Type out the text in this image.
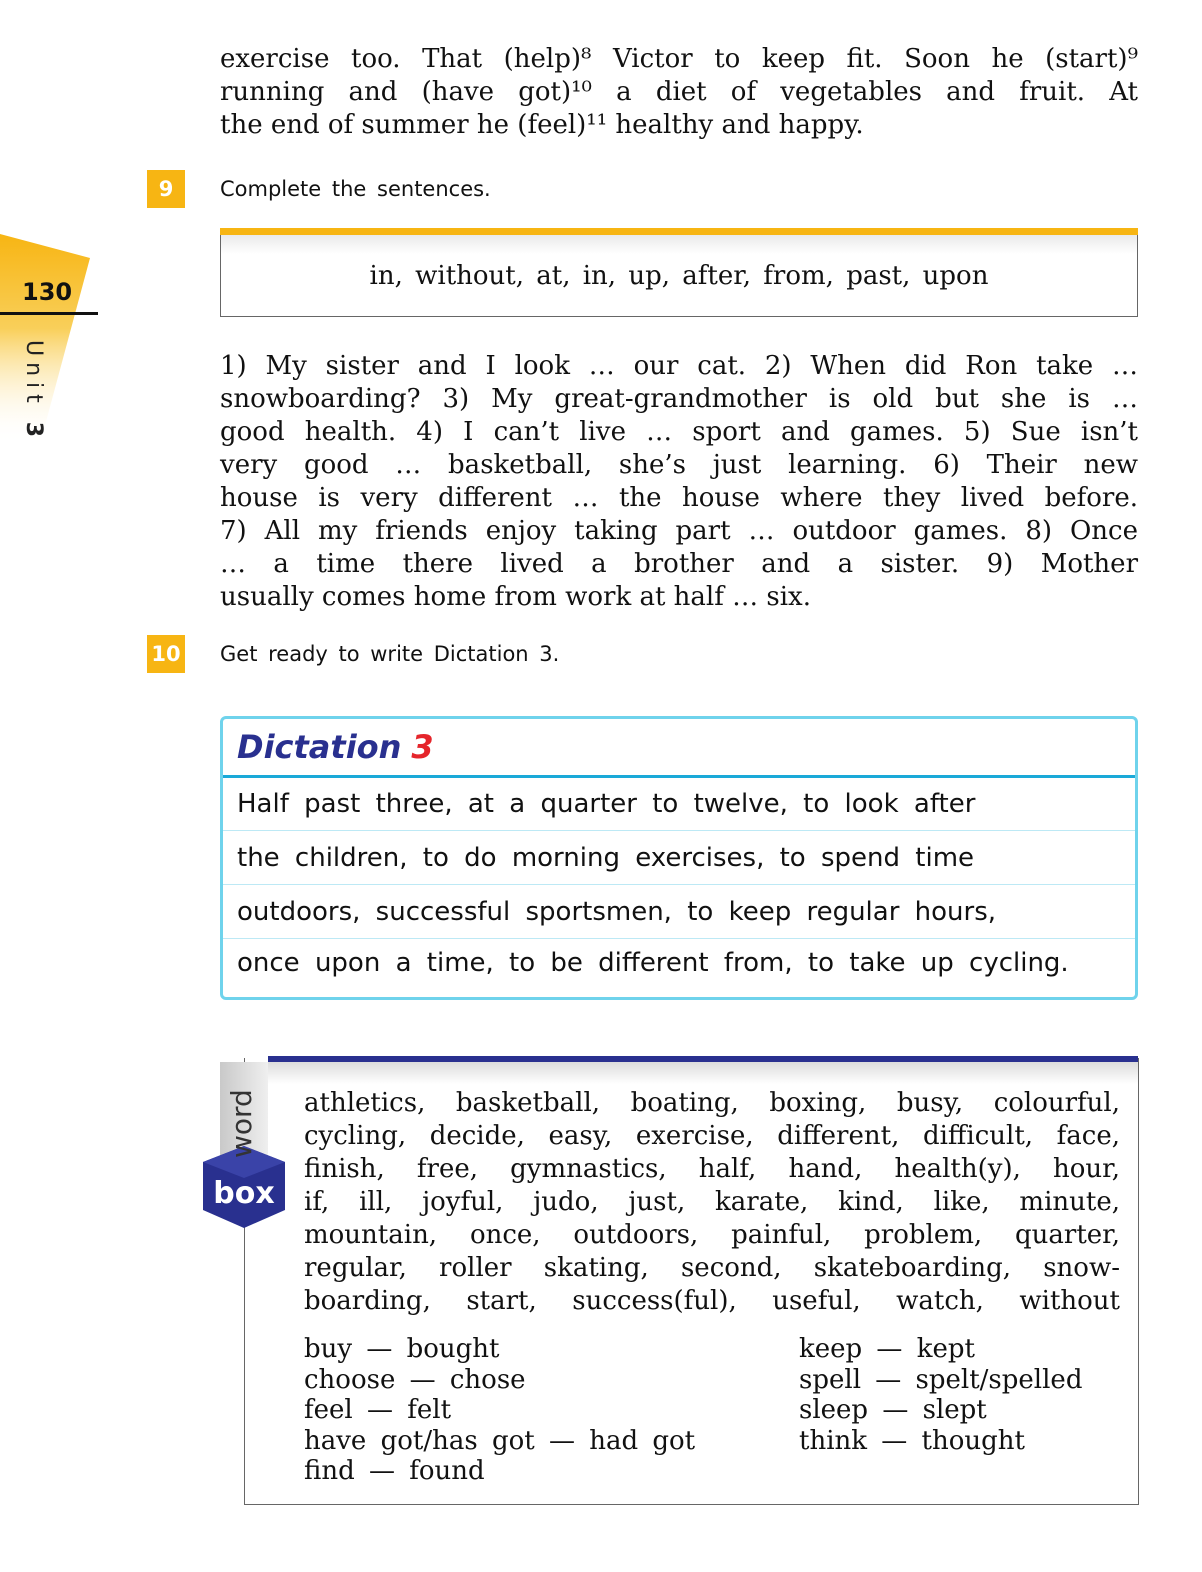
exercise too. That (help)⁸ Victor to keep fit. Soon he (start)⁹
running and (have got)¹⁰ a diet of vegetables and fruit. At
the end of summer he (feel)¹¹ healthy and happy.
130
Unit 3
9	Complete the sentences.
in, without, at, in, up, after, from, past, upon
1) My sister and I look … our cat. 2) When did Ron take …
snowboarding? 3) My great-grandmother is old but she is …
good health. 4) I can’t live … sport and games. 5) Sue isn’t
very good … basketball, she’s just learning. 6) Their new
house is very different … the house where they lived before.
7) All my friends enjoy taking part … outdoor games. 8) Once
… a time there lived a brother and a sister. 9) Mother
usually comes home from work at half … six.
10 Get ready to write Dictation 3.
Dictation 3
Half past three, at a quarter to twelve, to look after
the children, to do morning exercises, to spend time
outdoors, successful sportsmen, to keep regular hours,
once upon a time, to be different from, to take up cycling.
word
box
athletics, basketball, boating, boxing, busy, colourful,
cycling, decide, easy, exercise, different, difficult, face,
finish, free, gymnastics, half, hand, health(y), hour,
if, ill, joyful, judo, just, karate, kind, like, minute,
mountain, once, outdoors, painful, problem, quarter,
regular, roller skating, second, skateboarding, snow-
boarding, start, success(ful), useful, watch, without
buy — bought
choose — chose
feel — felt
have got/has got — had got
find — found
keep — kept
spell — spelt/spelled
sleep — slept
think — thought
